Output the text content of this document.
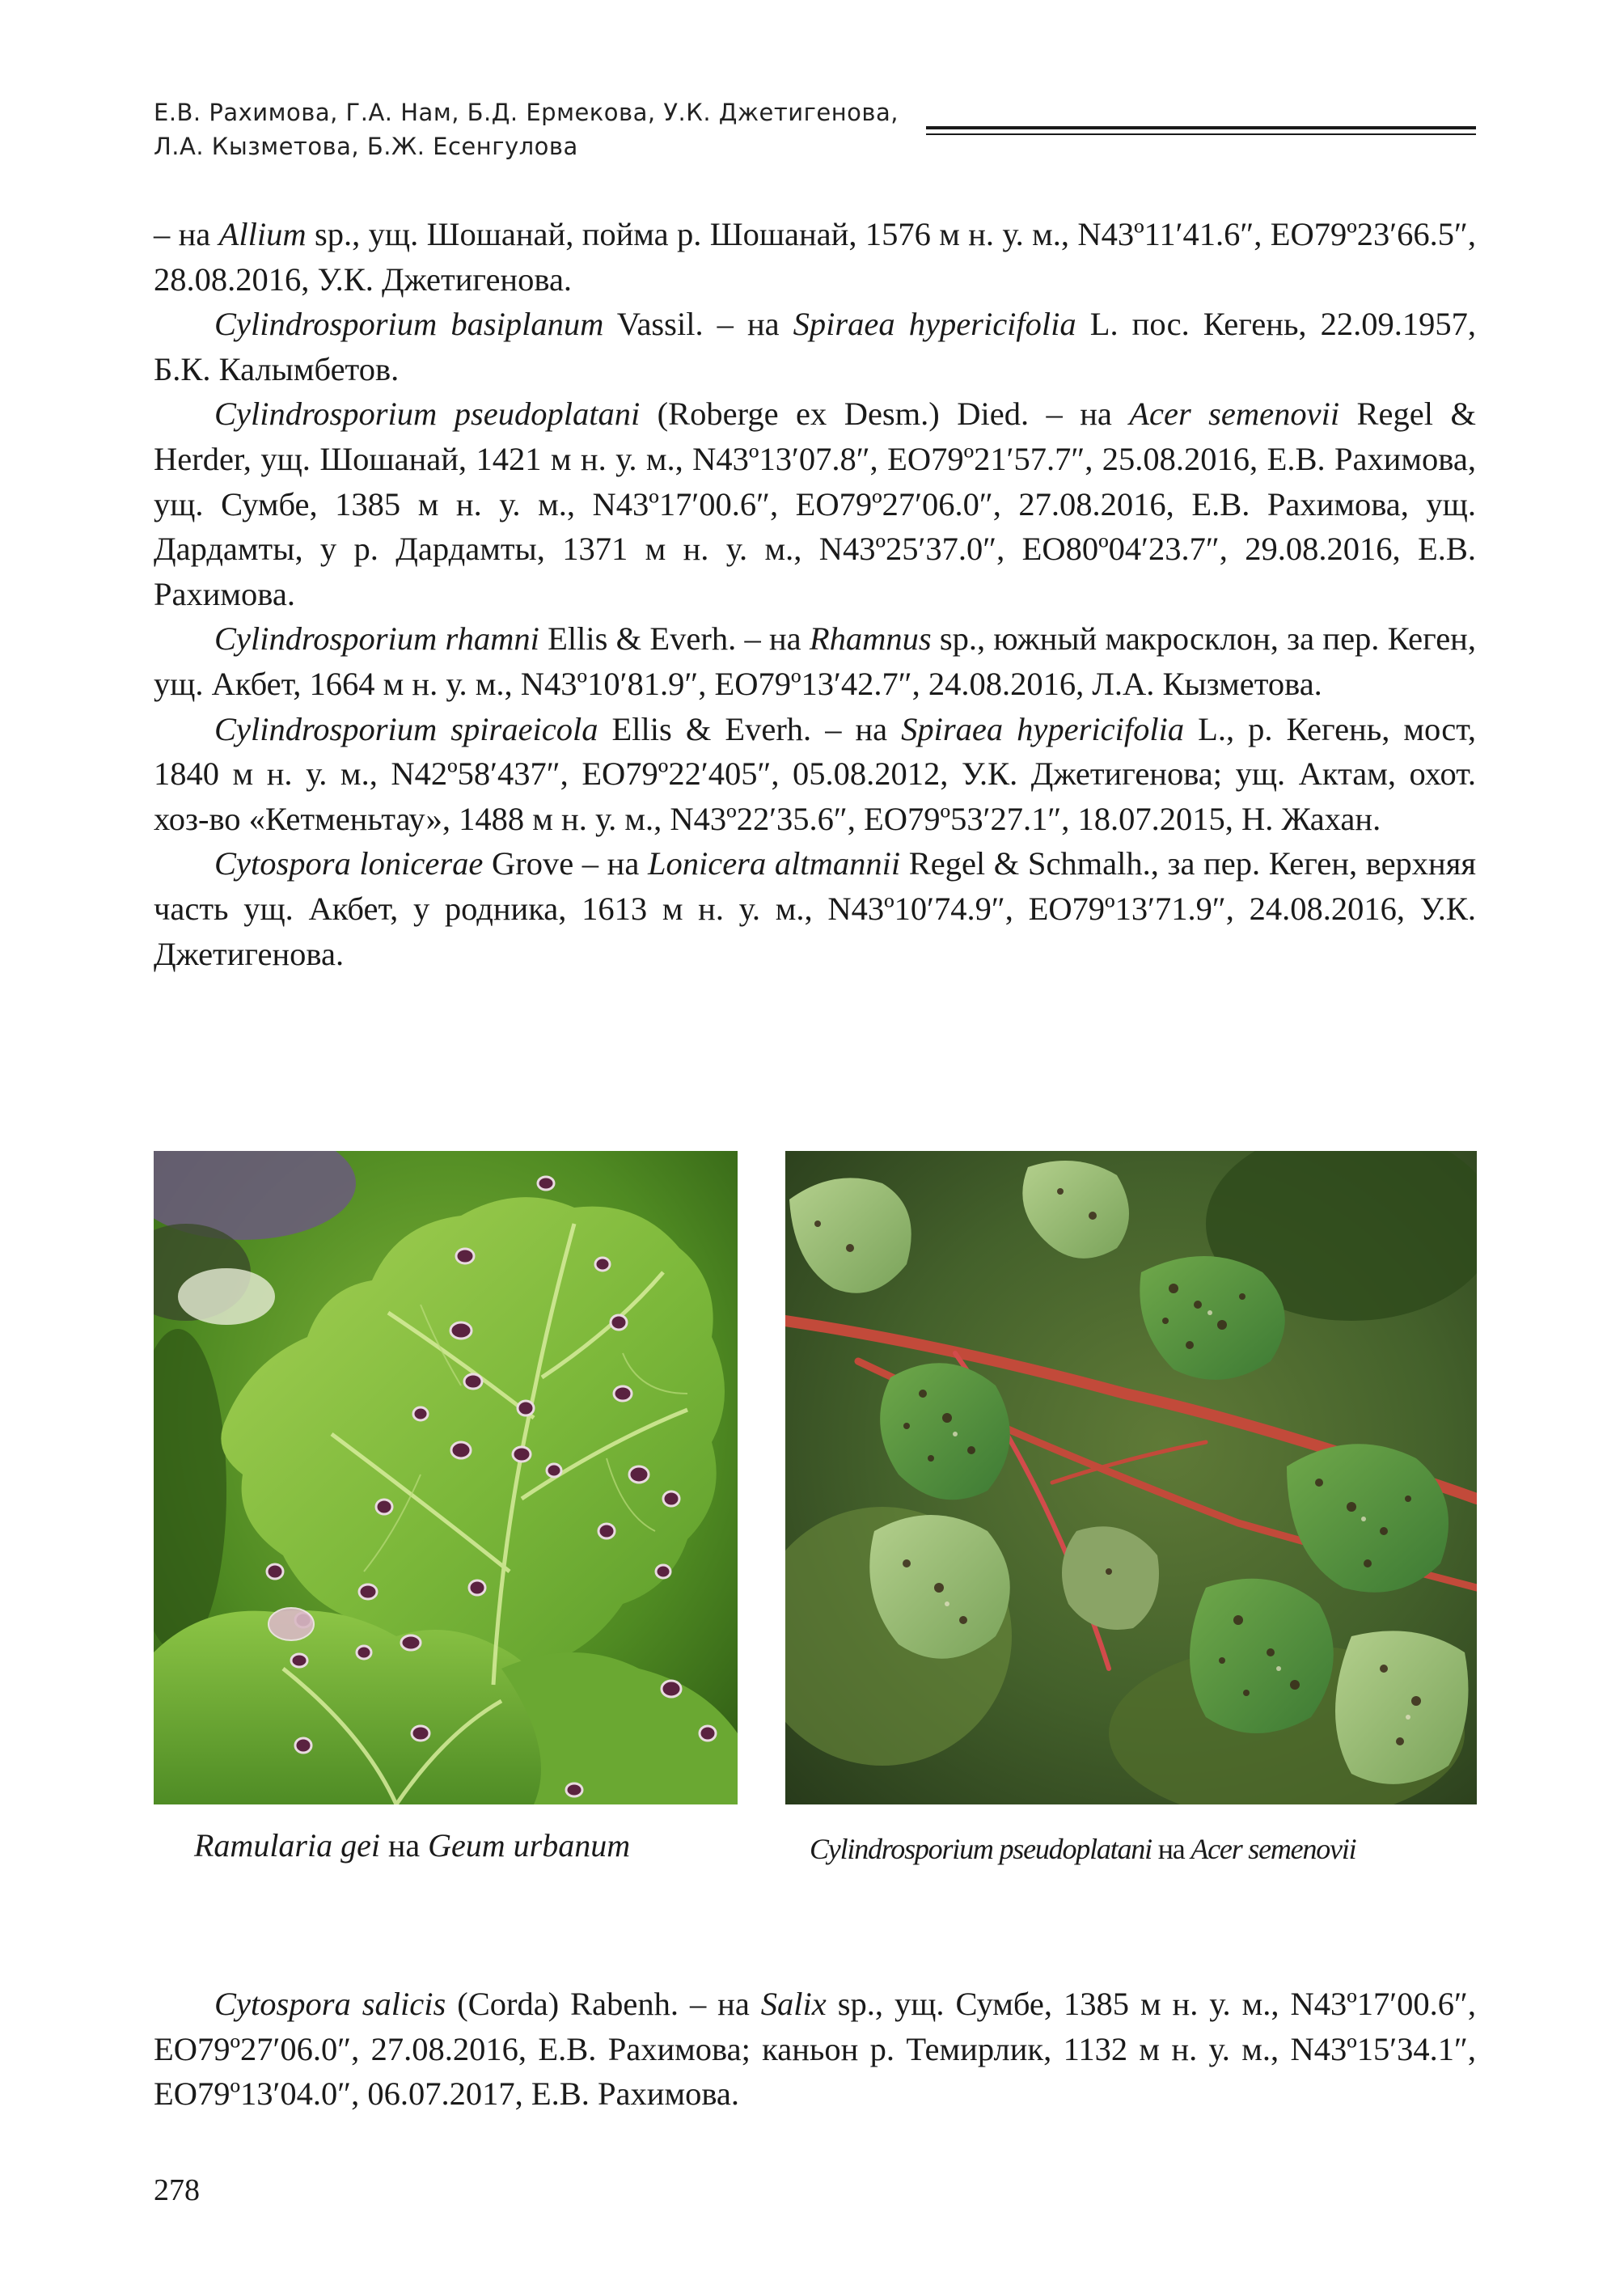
Е.В. Рахимова, Г.А. Нам, Б.Д. Ермекова, У.К. Джетигенова,
Л.А. Кызметова, Б.Ж. Есенгулова

– на Allium sp., ущ. Шошанай, пойма р. Шошанай, 1576 м н. у. м., N43º11′41.6″, ЕО79º23′66.5″, 28.08.2016, У.К. Джетигенова.

Cylindrosporium basiplanum Vassil. – на Spiraea hypericifolia L. пос. Кегень, 22.09.1957, Б.К. Калымбетов.

Cylindrosporium pseudoplatani (Roberge ex Desm.) Died. – на Acer semenovii Regel & Herder, ущ. Шошанай, 1421 м н. у. м., N43º13′07.8″, ЕО79º21′57.7″, 25.08.2016, Е.В. Рахимова, ущ. Сумбе, 1385 м н. у. м., N43º17′00.6″, ЕО79º27′06.0″, 27.08.2016, Е.В. Рахимова, ущ. Дардамты, у р. Дардамты, 1371 м н. у. м., N43º25′37.0″, ЕО80º04′23.7″, 29.08.2016, Е.В. Рахимова.

Cylindrosporium rhamni Ellis & Everh. – на Rhamnus sp., южный макросклон, за пер. Кеген, ущ. Акбет, 1664 м н. у. м., N43º10′81.9″, ЕО79º13′42.7″, 24.08.2016, Л.А. Кызметова.

Cylindrosporium spiraeicola Ellis & Everh. – на Spiraea hypericifolia L., р. Кегень, мост, 1840 м н. у. м., N42º58′437″, ЕО79º22′405″, 05.08.2012, У.К. Джетигенова; ущ. Актам, охот. хоз-во «Кетменьтау», 1488 м н. у. м., N43º22′35.6″, ЕО79º53′27.1″, 18.07.2015, Н. Жахан.

Cytospora lonicerae Grove – на Lonicera altmannii Regel & Schmalh., за пер. Кеген, верхняя часть ущ. Акбет, у родника, 1613 м н. у. м., N43º10′74.9″, ЕО79º13′71.9″, 24.08.2016, У.К. Джетигенова.

Ramularia gei на Geum urbanum	Cylindrosporium pseudoplatani на Acer semenovii

Cytospora salicis (Corda) Rabenh. – на Salix sp., ущ. Сумбе, 1385 м н. у. м., N43º17′00.6″, ЕО79º27′06.0″, 27.08.2016, Е.В. Рахимова; каньон р. Темирлик, 1132 м н. у. м., N43º15′34.1″, ЕО79º13′04.0″, 06.07.2017, Е.В. Рахимова.

278
